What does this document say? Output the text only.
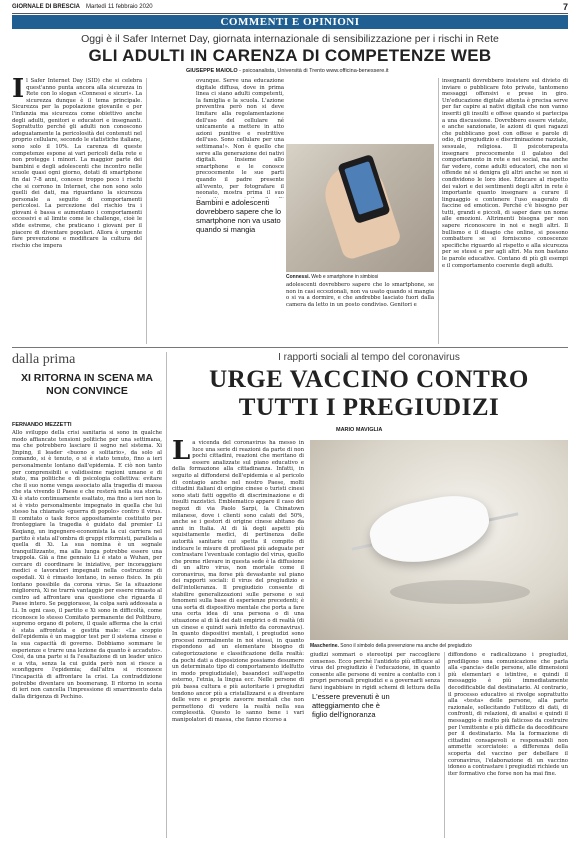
GIORNALE DI BRESCIA Martedì 11 febbraio 2020	7
COMMENTI E OPINIONI
Oggi è il Safer Internet Day, giornata internazionale di sensibilizzazione per i rischi in Rete
GLI ADULTI IN CARENZA DI COMPETENZE WEB
GIUSEPPE MAIOLO - psicoanalista, Università di Trento www.officina-benessere.it
I l Safer Internet Day (SID) che si celebra quest'anno punta ancora alla sicurezza in Rete con lo slogan «Connessi e sicuri». La sicurezza dunque è il tema principale. Sicurezza per la popolazione giovanile e per l'infanzia ma sicurezza come obiettivo anche degli adulti, genitori e educatori e insegnanti. Soprattutto perché gli adulti non conoscono adeguatamente la pericolosità dei contenuti nel proprio cellulare, secondo le statistiche italiane, sono solo il 10%. La carenza di queste competenze espone ai vari pericoli della rete e non protegge i minori. La maggior parte dei bambini e degli adolescenti che incontro nelle scuole quasi ogni giorno, dotati di smartphone fin dai 7-8 anni, conosce troppo poco i rischi che si corrono in Internet, che non sono solo quelli dei dati, ma riguardano la sicurezza personale a seguito di comportamenti pericolosi. La percezione del rischio tra i giovani è bassa e aumentano i comportamenti eccessivi e al limite come le challenge, cioè le sfide estreme, che praticano i giovani per il piacere di diventare popolari. Allora è urgente fare prevenzione e modificare la cultura del rischio che impera

Bambini e adolescenti dovrebbero sapere che lo smartphone non va usato quando si mangia

ovunque. Serve una educazione digitale diffusa, dove in prima linea ci siano adulti competenti, la famiglia e la scuola. L'azione preventiva però non si deve limitare alla regolamentazione dell'uso del cellulare né unicamente a mettere in atto azioni punitive e restrittive dell'uso. Sono cellulare per una settimana!». Non è quello che serve alla generazione dei nativi digitali. Insieme allo smartphone e le conosce precocemente le sue parti quando il padre presente all'evento, per fotografare il neonato, mostra prima il suo

Connessi. Web e smartphone in simbiosi

adolescenti dovrebbero sapere che lo smartphone, se non in casi eccezionali, non va usato quando si mangia o si va a dormire, e che andrebbe lasciato fuori dalla camera da letto in un posto condiviso. Genitori e

insegnanti dovrebbero insistere sul divieto di inviare o pubblicare foto private, tantomeno messaggi offensivi e prese in giro. Un'educazione digitale attenta è precisa serve per far capire ai nativi digitali che non vanno inseriti gli insulti e offese quando si partecipa a una discussione. Dovrebbero essere vietate, e anche sanzionate, le azioni di quei ragazzi che pubblicano post con offese e parole di odio, di pregiudizio e discriminazione razziale, sessuale, religiosa. Il psicoterapeuta insegnare precocemente il galateo del comportamento in rete e nei social, ma anche far vedere, come adulti educatori, che non si offende né si denigra gli altri anche se non si condividono le loro idee. Educare al rispetto dei valori e dei sentimenti degli altri in rete è importante quanto insegnare a curare il linguaggio e contenere l'uso esagerato di faccine ed emoticon. Perché c'è bisogno per tutti, grandi e piccoli, di saper dare un nome alle emozioni. Altrimenti bisogna per non sapere riconoscere in noi e negli altri. Il bullismo e il disagio che online, si possono combattere se si forniscono conoscenze specifiche riguardo al rispetto e alla sicurezza per se stessi e per agli altri. Ma non bastano le parole educative. Contano di più gli esempi e il comportamento coerente degli adulti.

dalla prima
XI RITORNA IN SCENA MA NON CONVINCE
FERNANDO MEZZETTI

Allo sviluppo della crisi sanitaria si sono in qualche modo affiancate tensioni politiche per una settimana, ma che potrebbero lasciare il segno nel sistema. Xi Jinping, il leader «buono e solitario», da solo al comando, si è tenuto, o si è stato tenuto, fino a ieri personalmente lontano dall'epidemia. E ciò non tanto per comprensibili e validissime ragioni umane e di stato, ma politiche e di psicologia collettiva: evitare che il suo nome venga associato alla tragedia di massa che sta vivendo il Paese e che resterà nella sua storia. Xi è stato continuamente esaltato, ma fino a ieri non lo si è visto personalmente impegnato in quella che lui stesso ha chiamato «guerra di popolo» contro il virus. Il comitato o task force appositamente costituito per fronteggiare la tragedia è guidato dal premier Li Keqiang, un ingegnere-economista la cui carriera nel partito è stata all'ombra di gruppi riformisti, parallela a quella di Xi. La sua nomina è un segnale tranquillizzante, ma alla lunga potrebbe essere una trappola. Già a fine gennaio Li è stato a Wuhan, per cercare di coordinare le iniziative, per incoraggiare medici e lavoratori impegnati nella costruzione di ospedali. Xi è rimasto lontano, in senso fisico. In più lontano possibile da corona virus. Se la situazione migliorerà, Xi ne trarrà vantaggio per essere rimasto al centro ad affrontare una questione che riguarda il Paese intero. Se peggiorasse, la colpa sarà addossata a Li. In ogni caso, il partito e Xi sono in difficoltà, come riconosce lo stesso Comitato permanente del Politburo, supremo organo di potere, il quale afferma che la crisi è stata affrontata e gestita male: «Le scoppio dell'epidemia è un maggior test per il sistema cinese e la sua capacità di governo. Dobbiamo sommare le esperienze e trarre una lezione da quanto è accaduto». Così, da una parte si fa l'esaltazione di un leader unico e a vita, senza la cui guida però non si riesce a sconfiggere l'epidemia; dall'altra si riconosce l'incapacità di affrontare la crisi. La contraddizione potrebbe diventare un boomerang. Il ritorno in scena di ieri non cancella l'impressione di smarrimento data dalla dirigenza di Pechino.

I rapporti sociali al tempo del coronavirus
URGE VACCINO CONTRO TUTTI I PREGIUDIZI
MARIO MAVIGLIA
L a vicenda del coronavirus ha messo in luce una serie di reazioni da parte di non pochi cittadini, reazioni che meritano di essere analizzate sul piano educativo e della formazione alla cittadinanza. Infatti, in seguito al diffondersi dell'epidemia e al pericolo di contagio anche nel nostro Paese, molti cittadini italiani di origine cinese o turisti cinesi sono stati fatti oggetto di discriminazione e di insulti razzistici. Emblematico appare il caso dei negozi di via Paolo Sarpi, la Chinatown milanese, dove i clienti sono calati del 50%, anche se i gestori di origine cinese abitano da anni in Italia. Al di là degli aspetti più squisitamente medici, di pertinenza delle autorità sanitarie cui spetta il compito di indicare le misure di profilassi più adeguate per contrastare l'eventuale contagio del virus, quello che preme rilevare in questa sede è la diffusione di un altro virus, non mortale come il coronavirus, ma forse più devastante sul piano dei rapporti sociali: il virus del pregiudizio e dell'intolleranza. Il pregiudizio consente di stabilire generalizzazioni sulle persone o sui fenomeni sulla base di esperienze precedenti; è una sorta di dispositivo mentale che porta a fare una certa idea di una persona o di una situazione al di là dei dati empirici o di realtà (di un cinese e quindi sarà infetto da coronavirus). In quanto dispositivi mentali, i pregiudizi sono processi normalmente in noi stessi, in quanto rispondono ad un elementare bisogno di categorizzazione e classificazione della realtà: da pochi dati a disposizione possiamo desumere un determinato tipo di comportamento idelfutto in modo pregiudiziale), basandoci sull'aspetto esterno, l'etnia, la lingua ecc. Nelle persone di più bassa cultura e più autoritarie i pregiudizi tendono ancor più a cristallizzarsi e a diventare delle vere e proprie zavorre mentali che non permettono di vedere la realtà nella sua complessità. Questo lo sanno bene i vari manipolatori di massa, che fanno ricorso a

Mascherine. Sono il simbolo della prevenzione ma anche del pregiudizio

giudizi sommari o stereotipi per raccogliere consenso. Ecco perché l'antidoto più efficace al virus del pregiudizio è l'educazione, in quanto consente alle persone di venire a contatto con i propri personali pregiudizi e a governarli senza farsi ingabbiare in rigidi schemi di lettura della

L'essere prevenuti è un atteggiamento che è figlio dell'ignoranza

diffondono e radicalizzano i pregiudizi, prediligono una comunicazione che parla alla «pancia» delle persone, alle dimensioni più elementari e istintive, e quindi il messaggio è più immediatamente decodificabile dal destinatario. Al contrario, il processo educativo si rivolge soprattutto alla «testa» delle persone, alla parte razionale, sollecitando l'utilizzo di dati, di confronti, di relazioni, di analisi e quindi il messaggio è molto più faticoso da costruire per l'emittente e più difficile da decodificare per il destinatario. Ma la formazione di cittadini consapevoli e responsabili non ammette scorciatoie: a differenza della scoperta del vaccino per debellare il coronavirus, l'elaborazione di un vaccino idoneo a contrastare i pregiudizi richiede un iter formativo che forse non ha mai fine.
